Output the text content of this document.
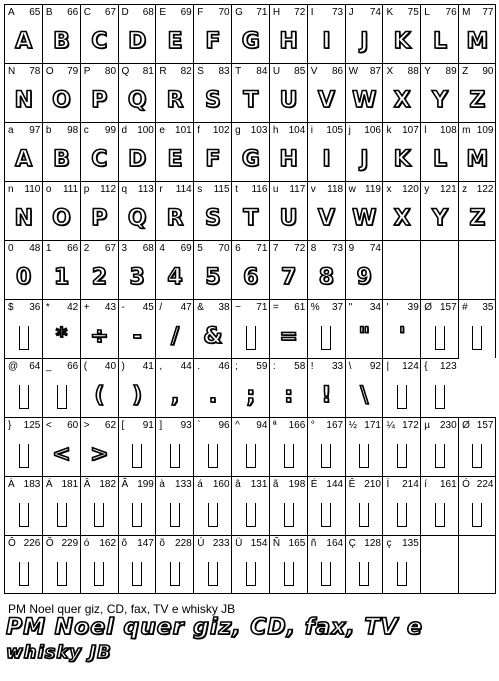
A 65
A
B 66
B
C 67
C
D 68
D
E 69
E
F 70
F
G 71
G
H 72
H
I 73
I
J 74
J
K 75
K
L 76
L
M 77
M
N 78
N
O 79
O
P 80
P
Q 81
Q
R 82
R
S 83
S
T 84
T
U 85
U
V 86
V
W 87
W
X 88
X
Y 89
Y
Z 90
Z
a 97
A
b 98
B
c 99
C
d 100
D
e 101
E
f 102
F
g 103
G
h 104
H
i 105
I
j 106
J
k 107
K
l 108
L
m 109
M
n 110
N
o 111
O
p 112
P
q 113
Q
r 114
R
s 115
S
t 116
T
u 117
U
v 118
V
w 119
W
x 120
X
y 121
Y
z 122
Z
0 48
0
1 66
1
2 67
2
3 68
3
4 69
4
5 70
5
6 71
6
7 72
7
8 73
8
9 74
9
$ 36 * 42
*
+ 43
÷
- 45
-
/ 47
/
& 38
&
~ 71 = 61
=
% 37 " 34
"
' 39
'
Ø 157 # 35
@ 64 _ 66 ( 40
(
) 41
)
, 44
,
. 46
.
; 59
;
: 58
:
! 33
!
\ 92
\
| 124 { 123
} 125 < 60
<
> 62
>
[ 91 ] 93 ` 96 ^ 94 ª 166 ° 167 ½ 171 ¼ 172 µ 230 Ø 157
À 183 Á 181 Â 182 Ã 199 à 133 á 160 â 131 ã 198 É 144 Ê 210 Í 214 í 161 Ó 224
Ô 226 Õ 229 ó 162 õ 147 õ 228 Ú 233 Ü 154 Ñ 165 ñ 164 Ç 128 ç 135
PM Noel quer giz, CD, fax, TV e whisky JB
PM Noel quer giz, CD, fax, TV e
whisky JB
